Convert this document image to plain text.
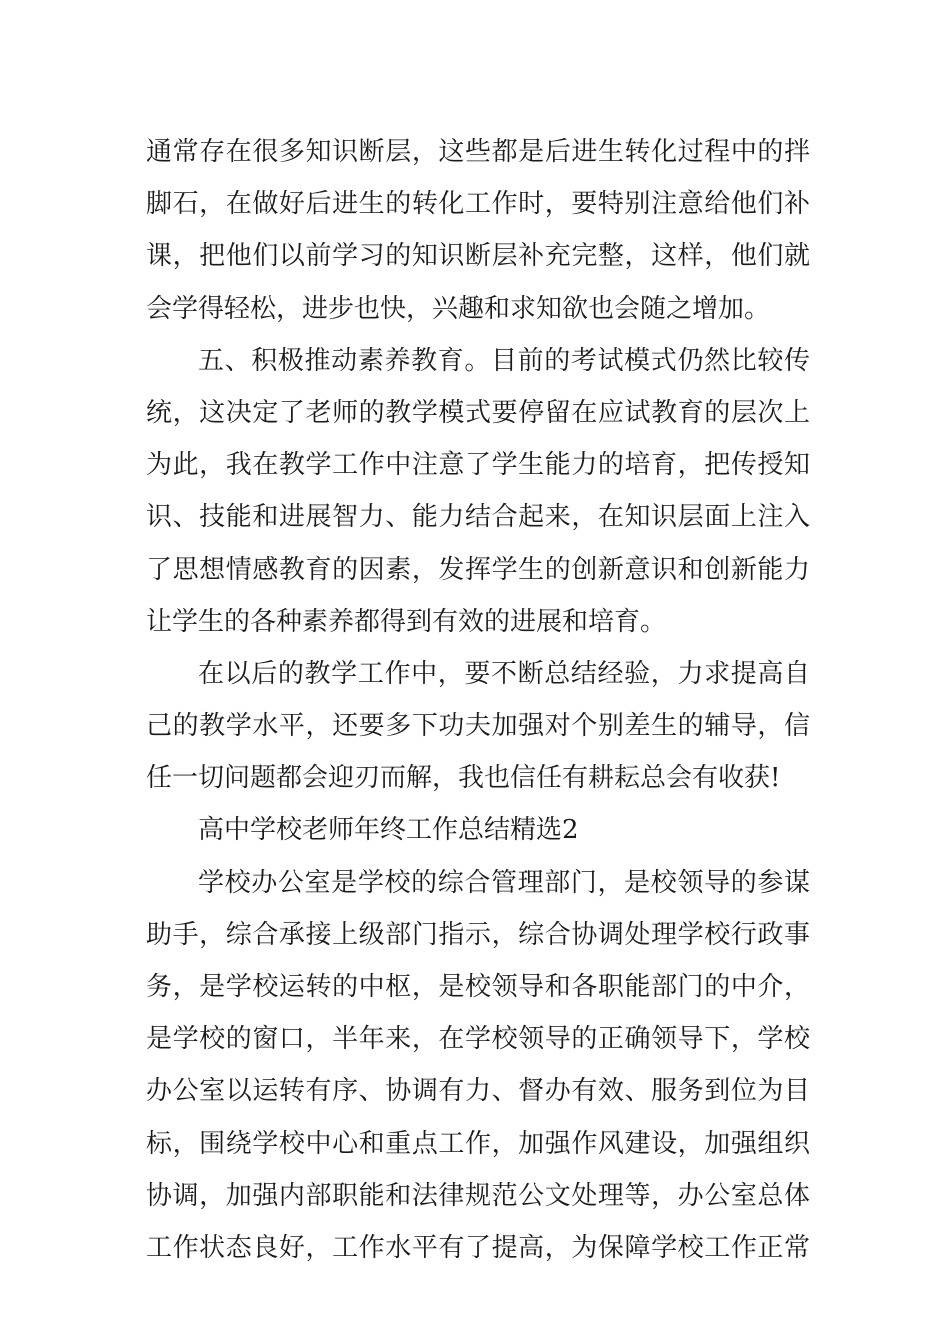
通常存在很多知识断层，这些都是后进生转化过程中的拌
脚石，在做好后进生的转化工作时，要特别注意给他们补
课，把他们以前学习的知识断层补充完整，这样，他们就
会学得轻松，进步也快，兴趣和求知欲也会随之增加。
五、积极推动素养教育。目前的考试模式仍然比较传
统，这决定了老师的教学模式要停留在应试教育的层次上
为此，我在教学工作中注意了学生能力的培育，把传授知
识、技能和进展智力、能力结合起来，在知识层面上注入
了思想情感教育的因素，发挥学生的创新意识和创新能力
让学生的各种素养都得到有效的进展和培育。
在以后的教学工作中，要不断总结经验，力求提高自
己的教学水平，还要多下功夫加强对个别差生的辅导，信
任一切问题都会迎刃而解，我也信任有耕耘总会有收获!
高中学校老师年终工作总结精选2
学校办公室是学校的综合管理部门，是校领导的参谋
助手，综合承接上级部门指示，综合协调处理学校行政事
务，是学校运转的中枢，是校领导和各职能部门的中介，
是学校的窗口，半年来，在学校领导的正确领导下，学校
办公室以运转有序、协调有力、督办有效、服务到位为目
标，围绕学校中心和重点工作，加强作风建设，加强组织
协调，加强内部职能和法律规范公文处理等，办公室总体
工作状态良好，工作水平有了提高，为保障学校工作正常
